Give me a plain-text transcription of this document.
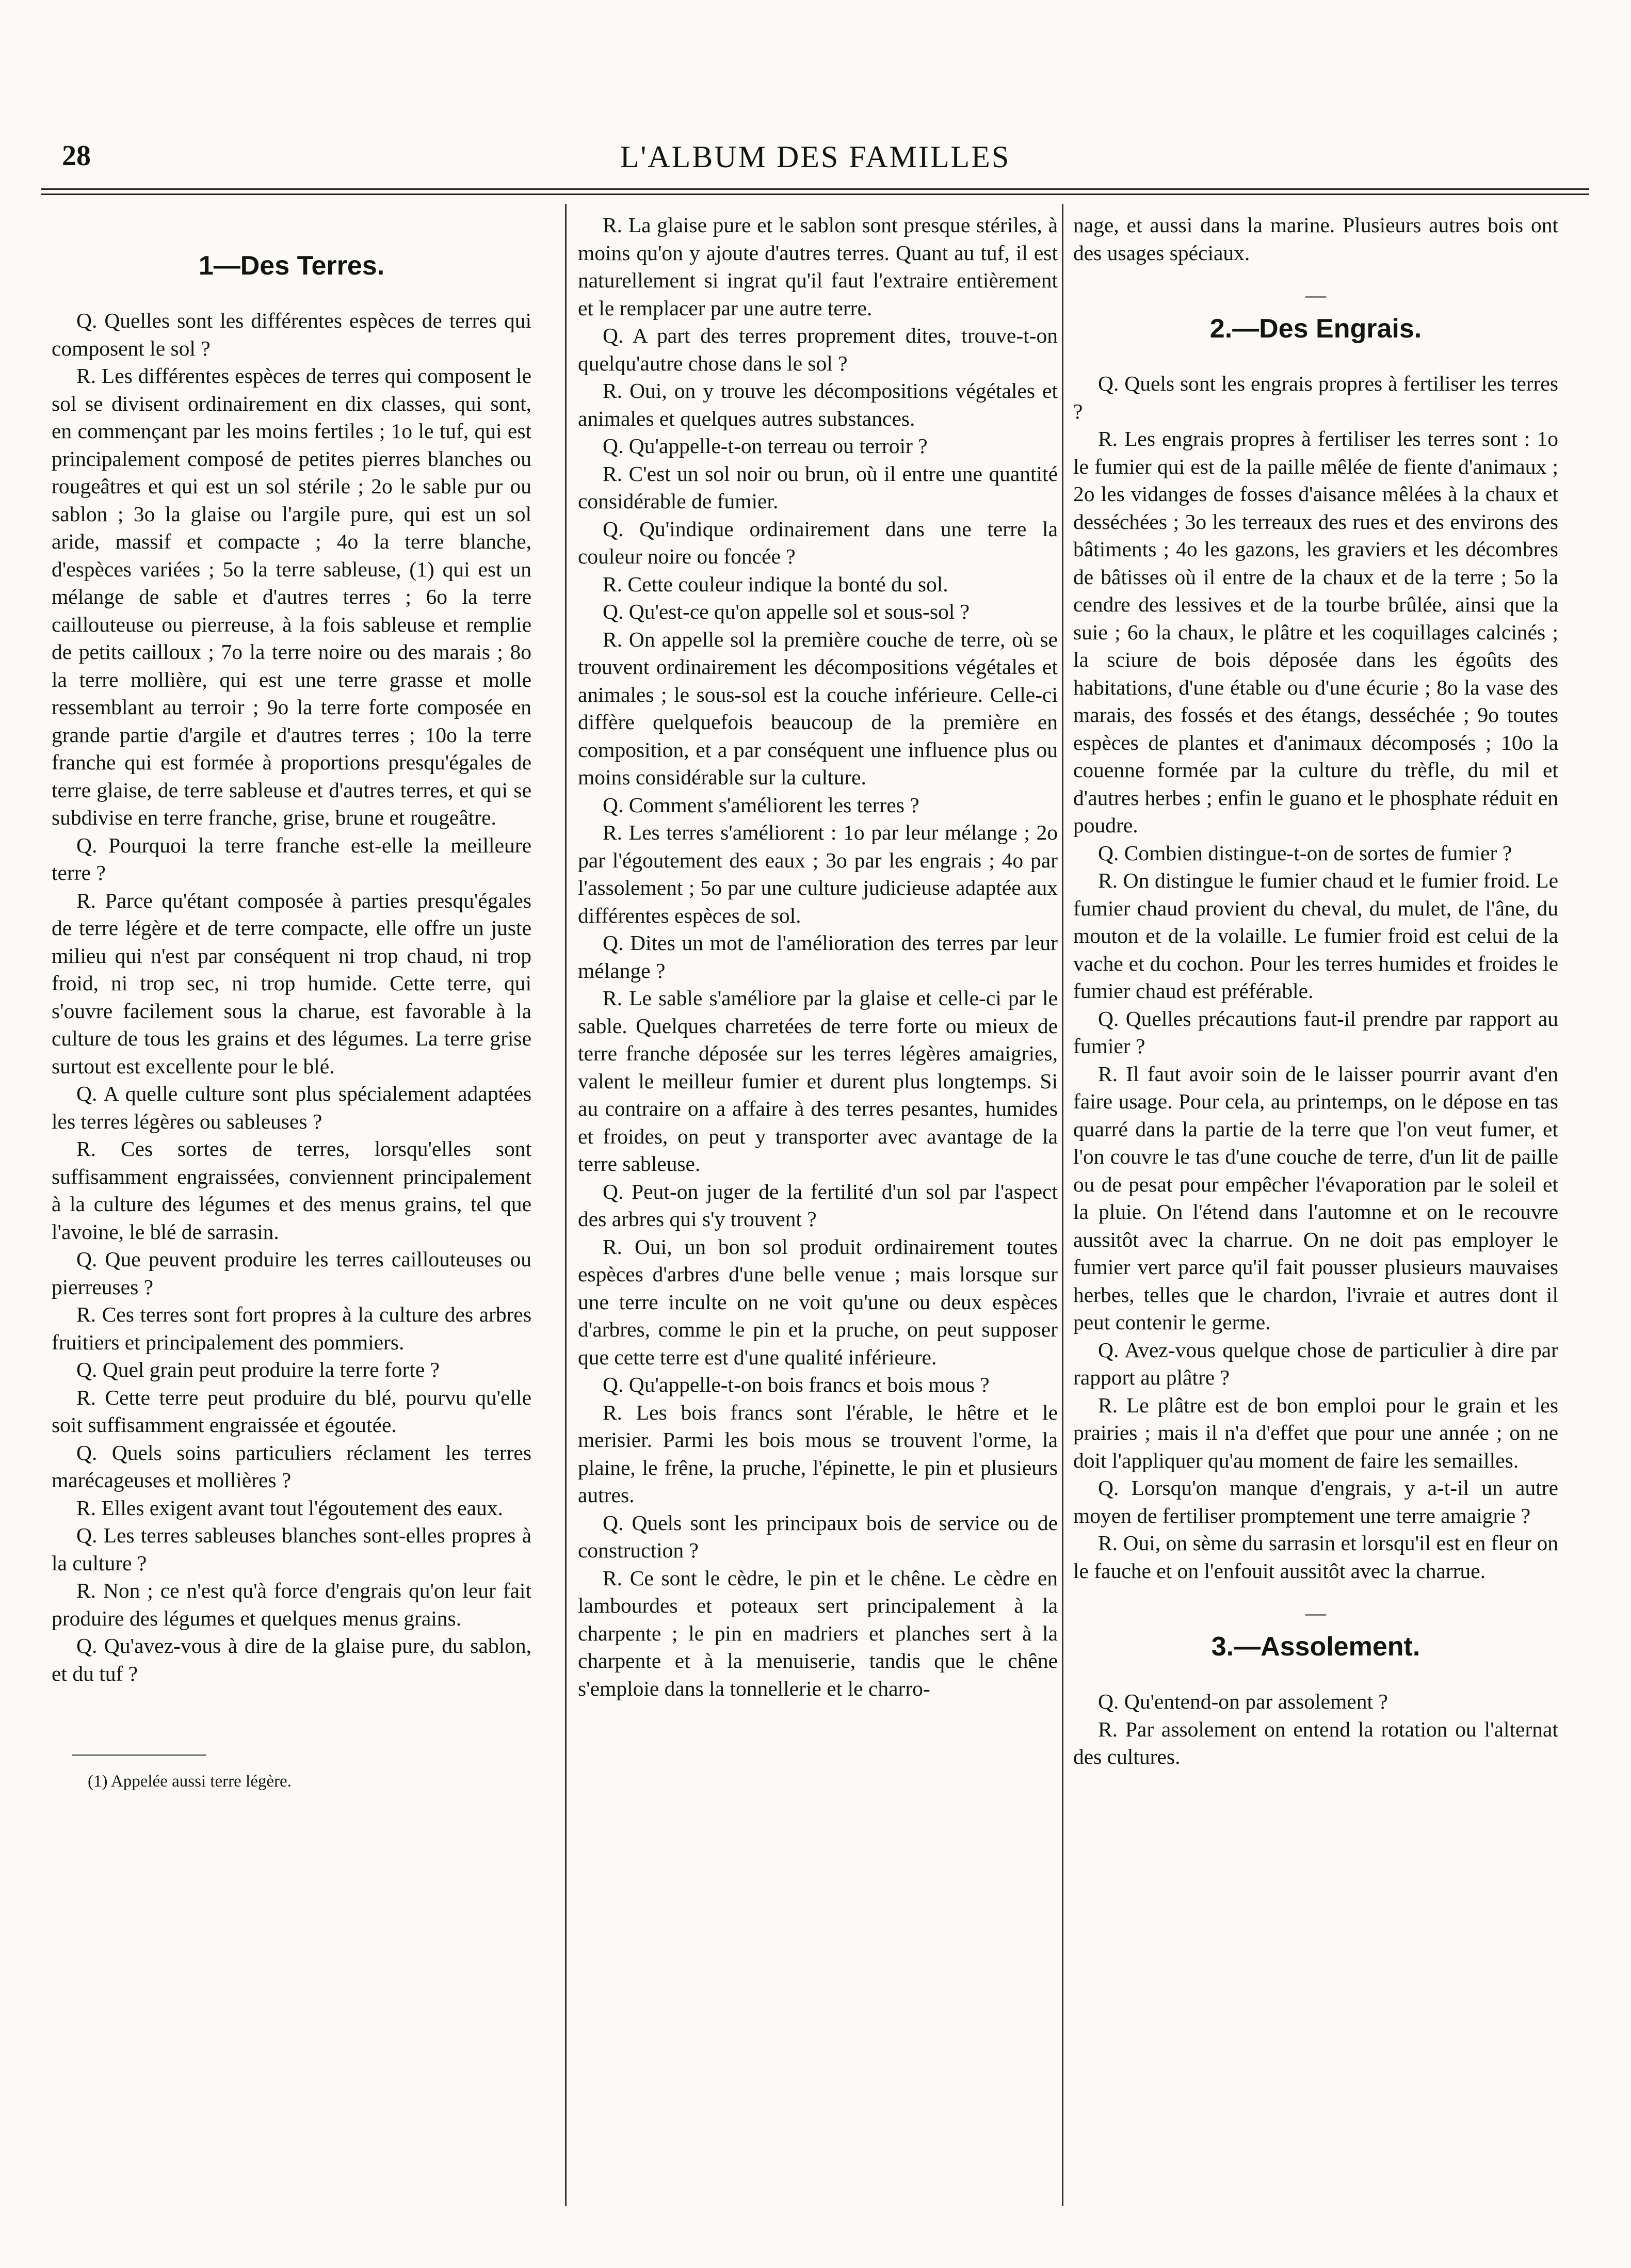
28	L'ALBUM DES FAMILLES
1—Des Terres.

Q. Quelles sont les différentes espèces de terres qui composent le sol ?

R. Les différentes espèces de terres qui composent le sol se divisent ordinairement en dix classes, qui sont, en commençant par les moins fertiles ; 1o le tuf, qui est principalement composé de petites pierres blanches ou rougeâtres et qui est un sol stérile ; 2o le sable pur ou sablon ; 3o la glaise ou l'argile pure, qui est un sol aride, massif et compacte ; 4o la terre blanche, d'espèces variées ; 5o la terre sableuse, (1) qui est un mélange de sable et d'autres terres ; 6o la terre caillouteuse ou pierreuse, à la fois sableuse et remplie de petits cailloux ; 7o la terre noire ou des marais ; 8o la terre mollière, qui est une terre grasse et molle ressemblant au terroir ; 9o la terre forte composée en grande partie d'argile et d'autres terres ; 10o la terre franche qui est formée à proportions presqu'égales de terre glaise, de terre sableuse et d'autres terres, et qui se subdivise en terre franche, grise, brune et rougeâtre.

Q. Pourquoi la terre franche est-elle la meilleure terre ?

R. Parce qu'étant composée à parties presqu'égales de terre légère et de terre compacte, elle offre un juste milieu qui n'est par conséquent ni trop chaud, ni trop froid, ni trop sec, ni trop humide. Cette terre, qui s'ouvre facilement sous la charue, est favorable à la culture de tous les grains et des légumes. La terre grise surtout est excellente pour le blé.

Q. A quelle culture sont plus spécialement adaptées les terres légères ou sableuses ?

R. Ces sortes de terres, lorsqu'elles sont suffisamment engraissées, conviennent principalement à la culture des légumes et des menus grains, tel que l'avoine, le blé de sarrasin.

Q. Que peuvent produire les terres caillouteuses ou pierreuses ?

R. Ces terres sont fort propres à la culture des arbres fruitiers et principalement des pommiers.

Q. Quel grain peut produire la terre forte ?

R. Cette terre peut produire du blé, pourvu qu'elle soit suffisamment engraissée et égoutée.

Q. Quels soins particuliers réclament les terres marécageuses et mollières ?

R. Elles exigent avant tout l'égoutement des eaux.

Q. Les terres sableuses blanches sont-elles propres à la culture ?

R. Non ; ce n'est qu'à force d'engrais qu'on leur fait produire des légumes et quelques menus grains.

Q. Qu'avez-vous à dire de la glaise pure, du sablon, et du tuf ?

(1) Appelée aussi terre légère.

R. La glaise pure et le sablon sont presque stériles, à moins qu'on y ajoute d'autres terres. Quant au tuf, il est naturellement si ingrat qu'il faut l'extraire entièrement et le remplacer par une autre terre.

Q. A part des terres proprement dites, trouve-t-on quelqu'autre chose dans le sol ?

R. Oui, on y trouve les décompositions végétales et animales et quelques autres substances.

Q. Qu'appelle-t-on terreau ou terroir ?

R. C'est un sol noir ou brun, où il entre une quantité considérable de fumier.

Q. Qu'indique ordinairement dans une terre la couleur noire ou foncée ?

R. Cette couleur indique la bonté du sol.

Q. Qu'est-ce qu'on appelle sol et sous-sol ?

R. On appelle sol la première couche de terre, où se trouvent ordinairement les décompositions végétales et animales ; le sous-sol est la couche inférieure. Celle-ci diffère quelquefois beaucoup de la première en composition, et a par conséquent une influence plus ou moins considérable sur la culture.

Q. Comment s'améliorent les terres ?

R. Les terres s'améliorent : 1o par leur mélange ; 2o par l'égoutement des eaux ; 3o par les engrais ; 4o par l'assolement ; 5o par une culture judicieuse adaptée aux différentes espèces de sol.

Q. Dites un mot de l'amélioration des terres par leur mélange ?

R. Le sable s'améliore par la glaise et celle-ci par le sable. Quelques charretées de terre forte ou mieux de terre franche déposée sur les terres légères amaigries, valent le meilleur fumier et durent plus longtemps. Si au contraire on a affaire à des terres pesantes, humides et froides, on peut y transporter avec avantage de la terre sableuse.

Q. Peut-on juger de la fertilité d'un sol par l'aspect des arbres qui s'y trouvent ?

R. Oui, un bon sol produit ordinairement toutes espèces d'arbres d'une belle venue ; mais lorsque sur une terre inculte on ne voit qu'une ou deux espèces d'arbres, comme le pin et la pruche, on peut supposer que cette terre est d'une qualité inférieure.

Q. Qu'appelle-t-on bois francs et bois mous ?

R. Les bois francs sont l'érable, le hêtre et le merisier. Parmi les bois mous se trouvent l'orme, la plaine, le frêne, la pruche, l'épinette, le pin et plusieurs autres.

Q. Quels sont les principaux bois de service ou de construction ?

R. Ce sont le cèdre, le pin et le chêne. Le cèdre en lambourdes et poteaux sert principalement à la charpente ; le pin en madriers et planches sert à la charpente et à la menuiserie, tandis que le chêne s'emploie dans la tonnellerie et le charro-

nage, et aussi dans la marine. Plusieurs autres bois ont des usages spéciaux.

—
2.—Des Engrais.

Q. Quels sont les engrais propres à fertiliser les terres ?

R. Les engrais propres à fertiliser les terres sont : 1o le fumier qui est de la paille mêlée de fiente d'animaux ; 2o les vidanges de fosses d'aisance mêlées à la chaux et desséchées ; 3o les terreaux des rues et des environs des bâtiments ; 4o les gazons, les graviers et les décombres de bâtisses où il entre de la chaux et de la terre ; 5o la cendre des lessives et de la tourbe brûlée, ainsi que la suie ; 6o la chaux, le plâtre et les coquillages calcinés ; la sciure de bois déposée dans les égoûts des habitations, d'une étable ou d'une écurie ; 8o la vase des marais, des fossés et des étangs, desséchée ; 9o toutes espèces de plantes et d'animaux décomposés ; 10o la couenne formée par la culture du trèfle, du mil et d'autres herbes ; enfin le guano et le phosphate réduit en poudre.

Q. Combien distingue-t-on de sortes de fumier ?

R. On distingue le fumier chaud et le fumier froid. Le fumier chaud provient du cheval, du mulet, de l'âne, du mouton et de la volaille. Le fumier froid est celui de la vache et du cochon. Pour les terres humides et froides le fumier chaud est préférable.

Q. Quelles précautions faut-il prendre par rapport au fumier ?

R. Il faut avoir soin de le laisser pourrir avant d'en faire usage. Pour cela, au printemps, on le dépose en tas quarré dans la partie de la terre que l'on veut fumer, et l'on couvre le tas d'une couche de terre, d'un lit de paille ou de pesat pour empêcher l'évaporation par le soleil et la pluie. On l'étend dans l'automne et on le recouvre aussitôt avec la charrue. On ne doit pas employer le fumier vert parce qu'il fait pousser plusieurs mauvaises herbes, telles que le chardon, l'ivraie et autres dont il peut contenir le germe.

Q. Avez-vous quelque chose de particulier à dire par rapport au plâtre ?

R. Le plâtre est de bon emploi pour le grain et les prairies ; mais il n'a d'effet que pour une année ; on ne doit l'appliquer qu'au moment de faire les semailles.

Q. Lorsqu'on manque d'engrais, y a-t-il un autre moyen de fertiliser promptement une terre amaigrie ?

R. Oui, on sème du sarrasin et lorsqu'il est en fleur on le fauche et on l'enfouit aussitôt avec la charrue.

—
3.—Assolement.

Q. Qu'entend-on par assolement ?

R. Par assolement on entend la rotation ou l'alternat des cultures.
